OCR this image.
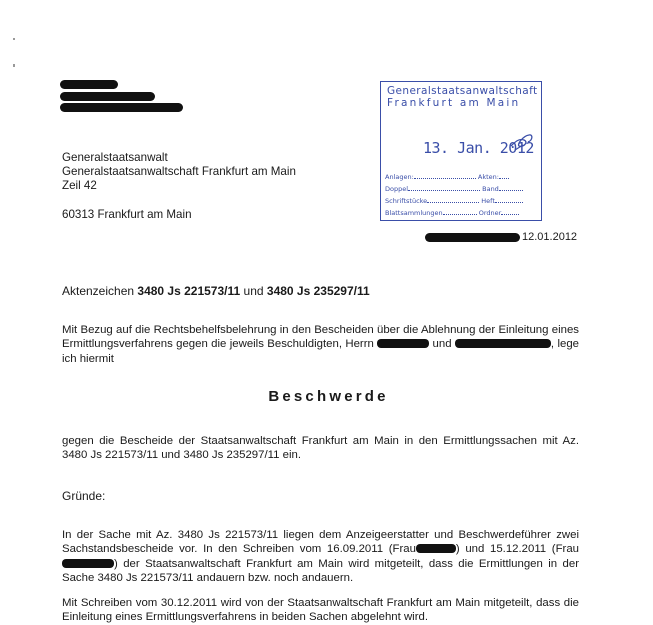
Generalstaatsanwalt
Generalstaatsanwaltschaft Frankfurt am Main
Zeil 42
60313 Frankfurt am Main
Generalstaatsanwaltschaft
Frankfurt am Main
13. Jan. 2012
Anlagen:	Akten:
Doppel	Band
Schriftstücke	Heft
Blattsammlungen	Ordner
12.01.2012
Aktenzeichen 3480 Js 221573/11 und 3480 Js 235297/11
Mit Bezug auf die Rechtsbehelfsbelehrung in den Bescheiden über die Ablehnung der Einleitung eines Ermittlungsverfahrens gegen die jeweils Beschuldigten, Herrn	und	, lege ich hiermit
Beschwerde
gegen die Bescheide der Staatsanwaltschaft Frankfurt am Main in den Ermittlungssachen mit Az. 3480 Js 221573/11 und 3480 Js 235297/11 ein.
Gründe:
In der Sache mit Az. 3480 Js 221573/11 liegen dem Anzeigeerstatter und Beschwerdeführer zwei Sachstandsbescheide vor. In den Schreiben vom 16.09.2011 (Frau	) und 15.12.2011 (Frau ) der Staatsanwaltschaft Frankfurt am Main wird mitgeteilt, dass die Ermittlungen in der Sache 3480 Js 221573/11 andauern bzw. noch andauern.
Mit Schreiben vom 30.12.2011 wird von der Staatsanwaltschaft Frankfurt am Main mitgeteilt, dass die Einleitung eines Ermittlungsverfahrens in beiden Sachen abgelehnt wird.
